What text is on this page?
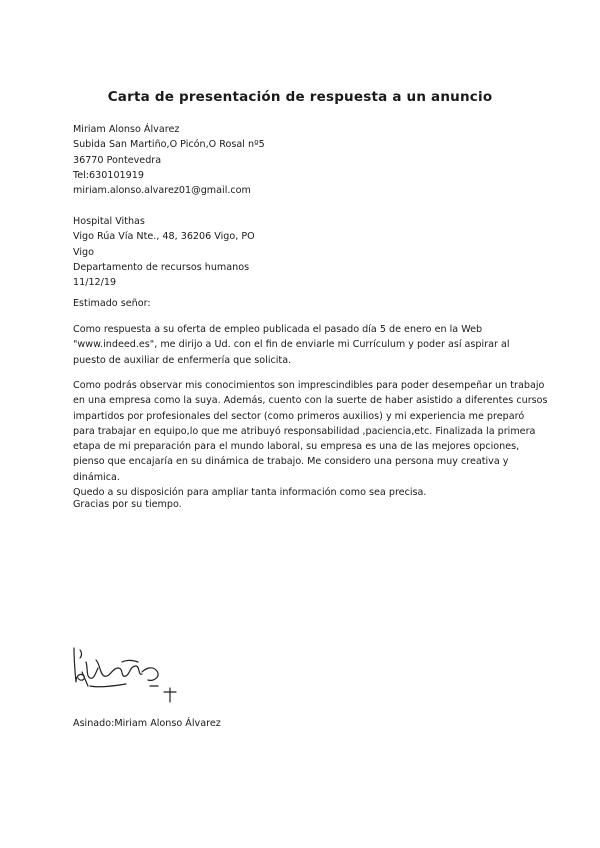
Carta de presentación de respuesta a un anuncio
Miriam Alonso Álvarez
Subida San Martiño,O Picón,O Rosal nº5
36770 Pontevedra
Tel:630101919
miriam.alonso.alvarez01@gmail.com
Hospital Vithas
Vigo Rúa Vía Nte., 48, 36206 Vigo, PO
Vigo
Departamento de recursos humanos
11/12/19
Estimado señor:
Como respuesta a su oferta de empleo publicada el pasado día 5 de enero en la Web
"www.indeed.es", me dirijo a Ud. con el fin de enviarle mi Currículum y poder así aspirar al
puesto de auxiliar de enfermería que solicita.
Como podrás observar mis conocimientos son imprescindibles para poder desempeñar un trabajo
en una empresa como la suya. Además, cuento con la suerte de haber asistido a diferentes cursos
impartidos por profesionales del sector (como primeros auxilios) y mi experiencia me preparó
para trabajar en equipo,lo que me atribuyó responsabilidad ,paciencia,etc. Finalizada la primera
etapa de mi preparación para el mundo laboral, su empresa es una de las mejores opciones,
pienso que encajaría en su dinámica de trabajo. Me considero una persona muy creativa y
dinámica.
Quedo a su disposición para ampliar tanta información como sea precisa.
Gracias por su tiempo.
Asinado:Miriam Alonso Álvarez
